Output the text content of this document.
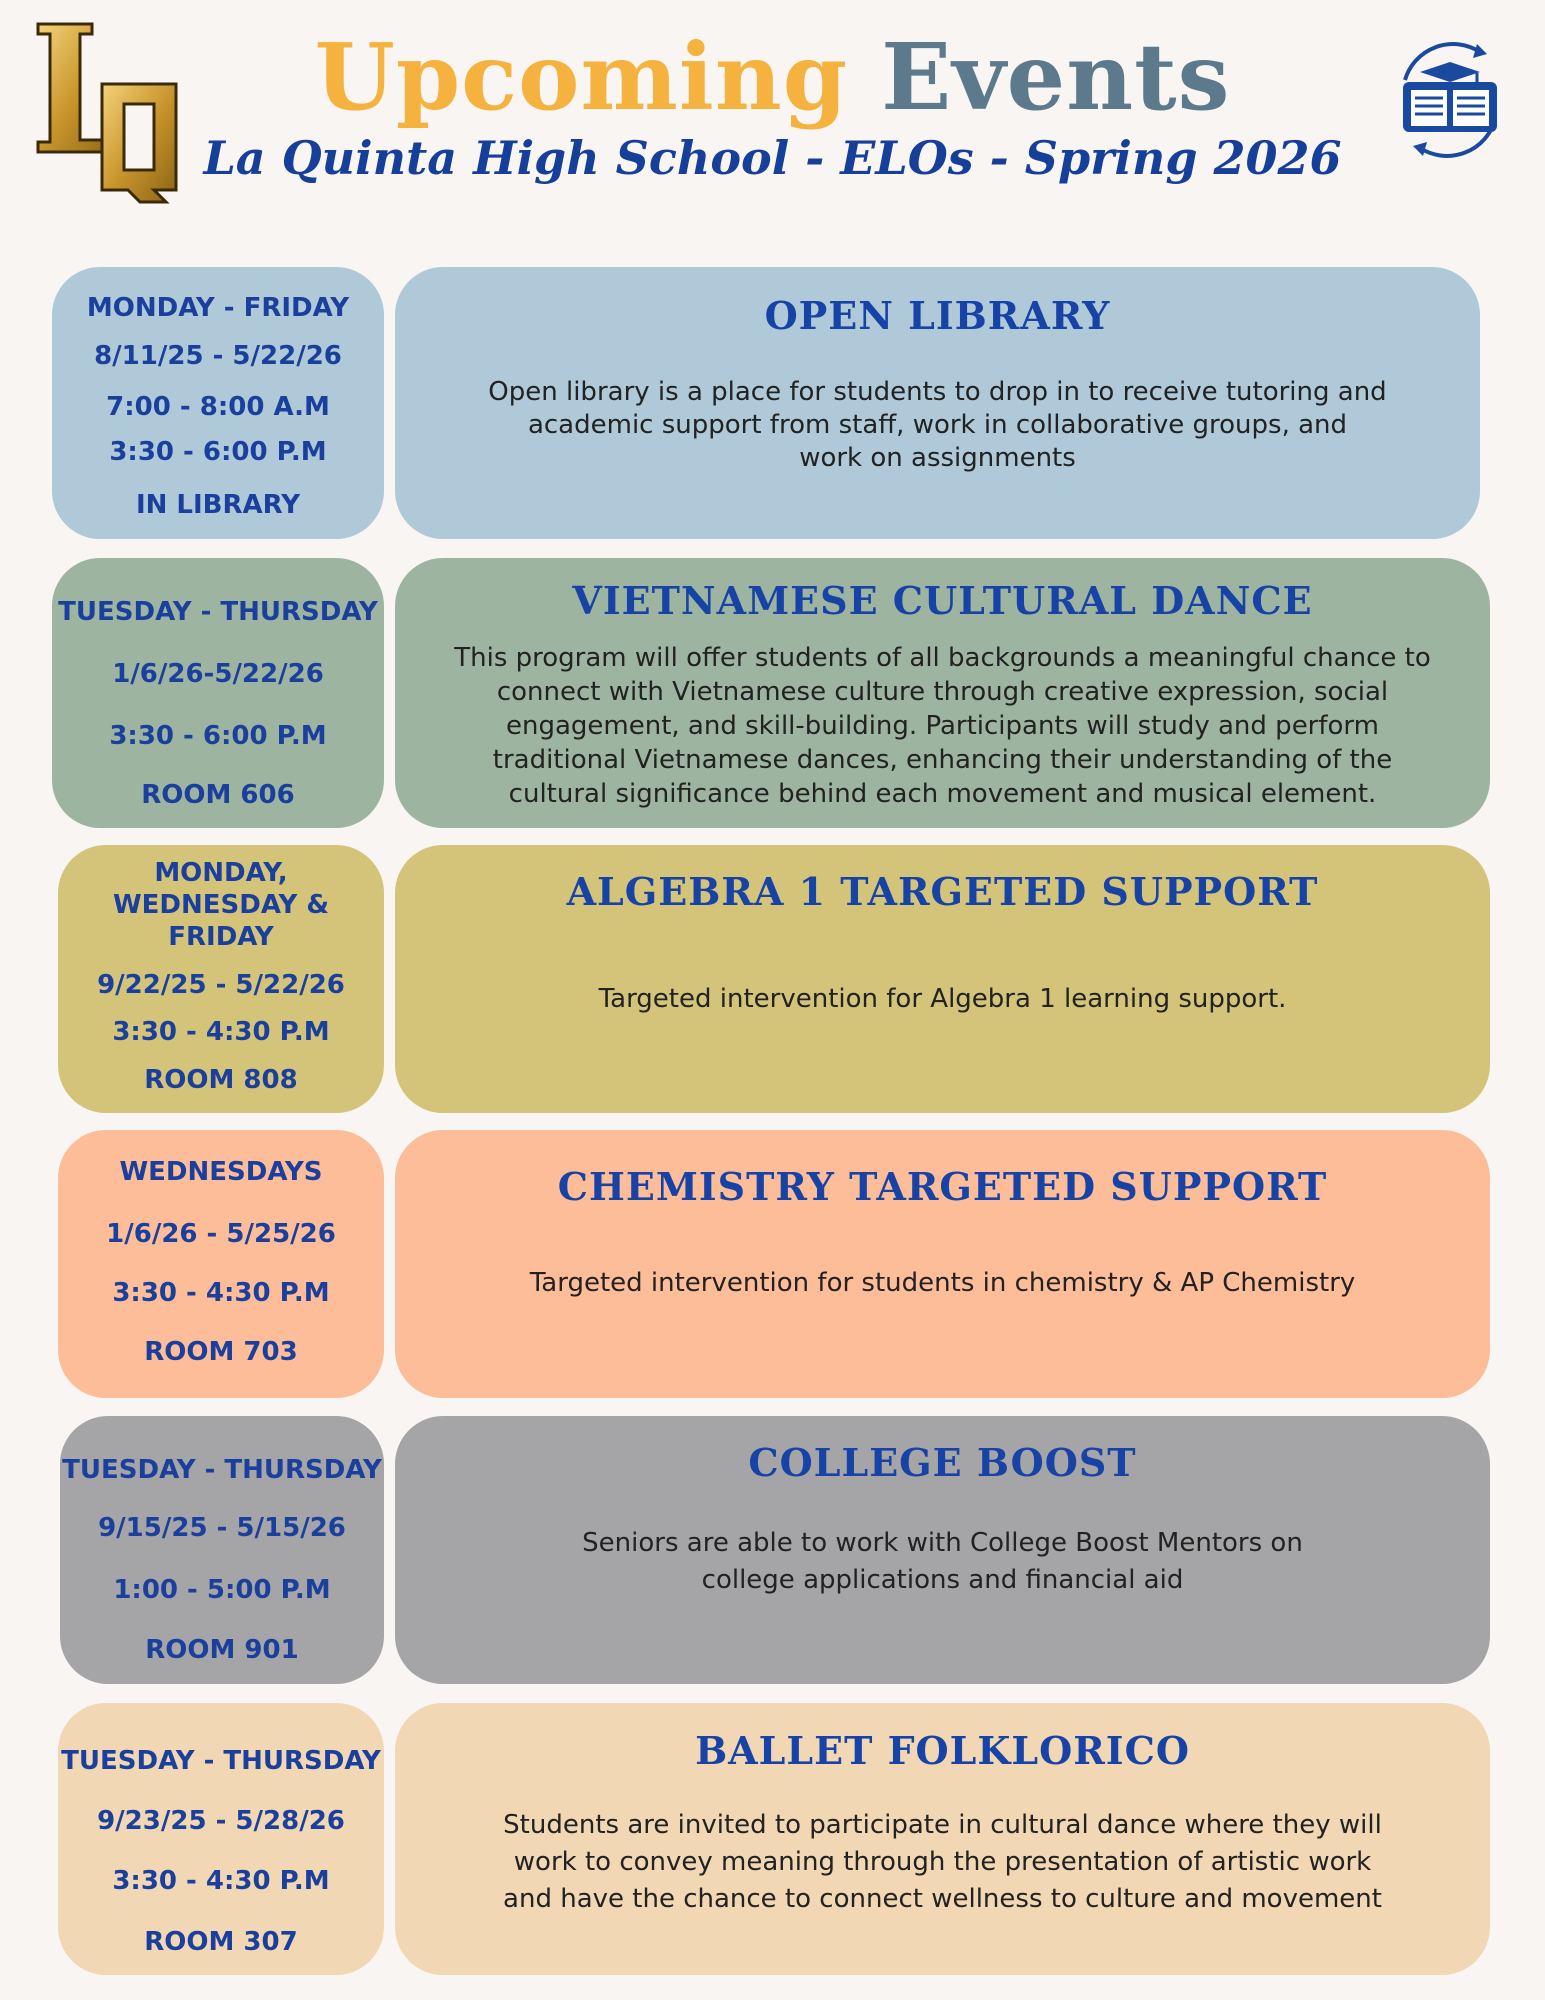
Upcoming Events
La Quinta High School - ELOs - Spring 2026
MONDAY - FRIDAY
8/11/25 - 5/22/26
7:00 - 8:00 A.M
3:30 - 6:00 P.M
IN LIBRARY
OPEN LIBRARY
Open library is a place for students to drop in to receive tutoring and
academic support from staff, work in collaborative groups, and
work on assignments
TUESDAY - THURSDAY
1/6/26-5/22/26
3:30 - 6:00 P.M
ROOM 606
VIETNAMESE CULTURAL DANCE
This program will offer students of all backgrounds a meaningful chance to
connect with Vietnamese culture through creative expression, social
engagement, and skill-building. Participants will study and perform
traditional Vietnamese dances, enhancing their understanding of the
cultural significance behind each movement and musical element.
MONDAY,
WEDNESDAY &
FRIDAY
9/22/25 - 5/22/26
3:30 - 4:30 P.M
ROOM 808
ALGEBRA 1 TARGETED SUPPORT
Targeted intervention for Algebra 1 learning support.
WEDNESDAYS
1/6/26 - 5/25/26
3:30 - 4:30 P.M
ROOM 703
CHEMISTRY TARGETED SUPPORT
Targeted intervention for students in chemistry & AP Chemistry
TUESDAY - THURSDAY
9/15/25 - 5/15/26
1:00 - 5:00 P.M
ROOM 901
COLLEGE BOOST
Seniors are able to work with College Boost Mentors on
college applications and financial aid
TUESDAY - THURSDAY
9/23/25 - 5/28/26
3:30 - 4:30 P.M
ROOM 307
BALLET FOLKLORICO
Students are invited to participate in cultural dance where they will
work to convey meaning through the presentation of artistic work
and have the chance to connect wellness to culture and movement
